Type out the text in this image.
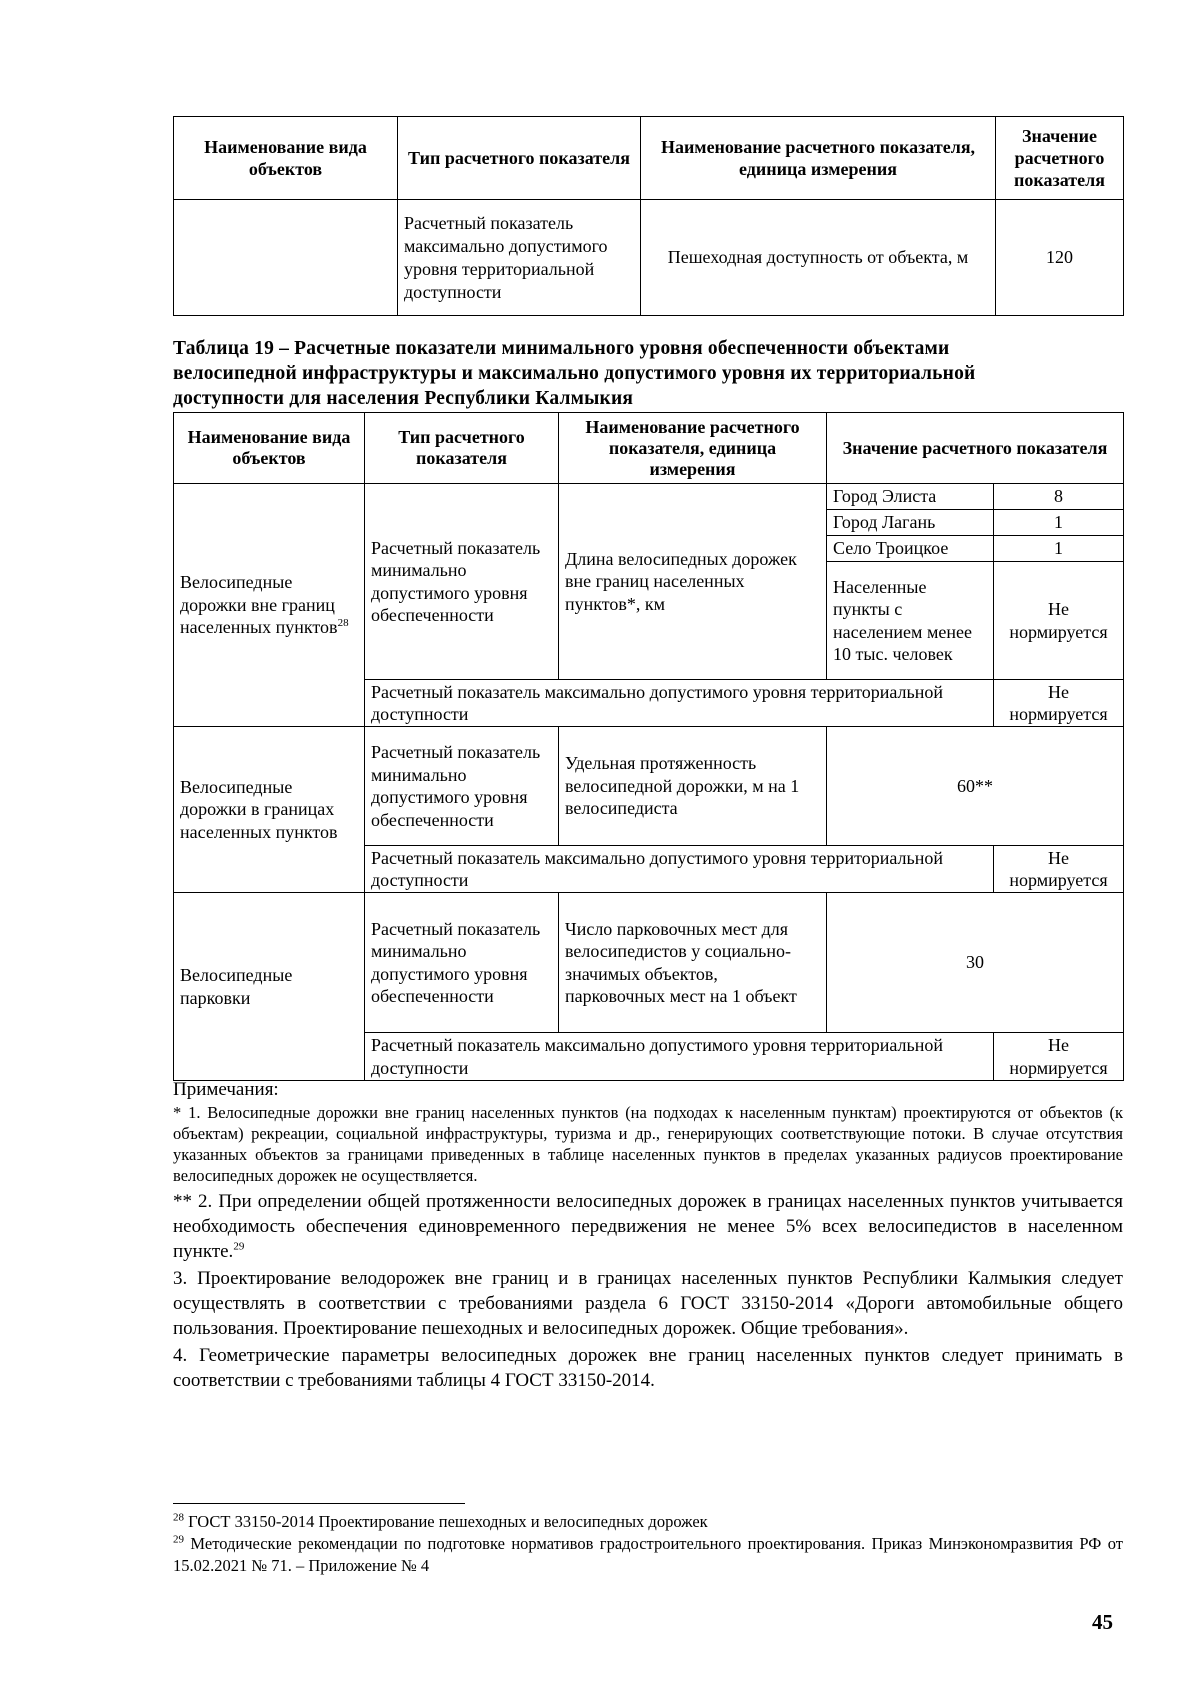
Наименование вида объектов	Тип расчетного показателя	Наименование расчетного показателя, единица измерения	Значение расчетного показателя
	Расчетный показатель максимально допустимого уровня территориальной доступности	Пешеходная доступность от объекта, м	120
Таблица 19 – Расчетные показатели минимального уровня обеспеченности объектами
велосипедной инфраструктуры и максимально допустимого уровня их территориальной
доступности для населения Республики Калмыкия
Наименование вида объектов	Тип расчетного показателя	Наименование расчетного показателя, единица измерения	Значение расчетного показателя	
Велосипедные дорожки вне границ населенных пунктов$^{28}$	Расчетный показатель минимально допустимого уровня обеспеченности	Длина велосипедных дорожек вне границ населенных пунктов*, км	Город Элиста	8
			Город Лагань	1
			Село Троицкое	1
			Населенные пункты с населением менее 10 тыс. человек	Не нормируется
	Расчетный показатель максимально допустимого уровня территориальной доступности			Не нормируется
Велосипедные дорожки в границах населенных пунктов	Расчетный показатель минимально допустимого уровня обеспеченности	Удельная протяженность велосипедной дорожки, м на 1 велосипедиста	60**	
	Расчетный показатель максимально допустимого уровня территориальной доступности			Не нормируется
Велосипедные парковки	Расчетный показатель минимально допустимого уровня обеспеченности	Число парковочных мест для велосипедистов у социально-значимых объектов, парковочных мест на 1 объект	30	
	Расчетный показатель максимально допустимого уровня территориальной доступности			Не нормируется
Примечания:
* 1. Велосипедные дорожки вне границ населенных пунктов (на подходах к населенным пунктам) проектируются от объектов (к объектам) рекреации, социальной инфраструктуры, туризма и др., генерирующих соответствующие потоки. В случае отсутствия указанных объектов за границами приведенных в таблице населенных пунктов в пределах указанных радиусов проектирование велосипедных дорожек не осуществляется.
** 2. При определении общей протяженности велосипедных дорожек в границах населенных пунктов учитывается необходимость обеспечения единовременного передвижения не менее 5% всех велосипедистов в населенном пункте.$^{29}$
3. Проектирование велодорожек вне границ и в границах населенных пунктов Республики Калмыкия следует осуществлять в соответствии с требованиями раздела 6 ГОСТ 33150-2014 «Дороги автомобильные общего пользования. Проектирование пешеходных и велосипедных дорожек. Общие требования».
4. Геометрические параметры велосипедных дорожек вне границ населенных пунктов следует принимать в соответствии с требованиями таблицы 4 ГОСТ 33150-2014.
$^{28}$ ГОСТ 33150-2014 Проектирование пешеходных и велосипедных дорожек
$^{29}$ Методические рекомендации по подготовке нормативов градостроительного проектирования. Приказ Минэкономразвития РФ от 15.02.2021 № 71. – Приложение № 4
45
